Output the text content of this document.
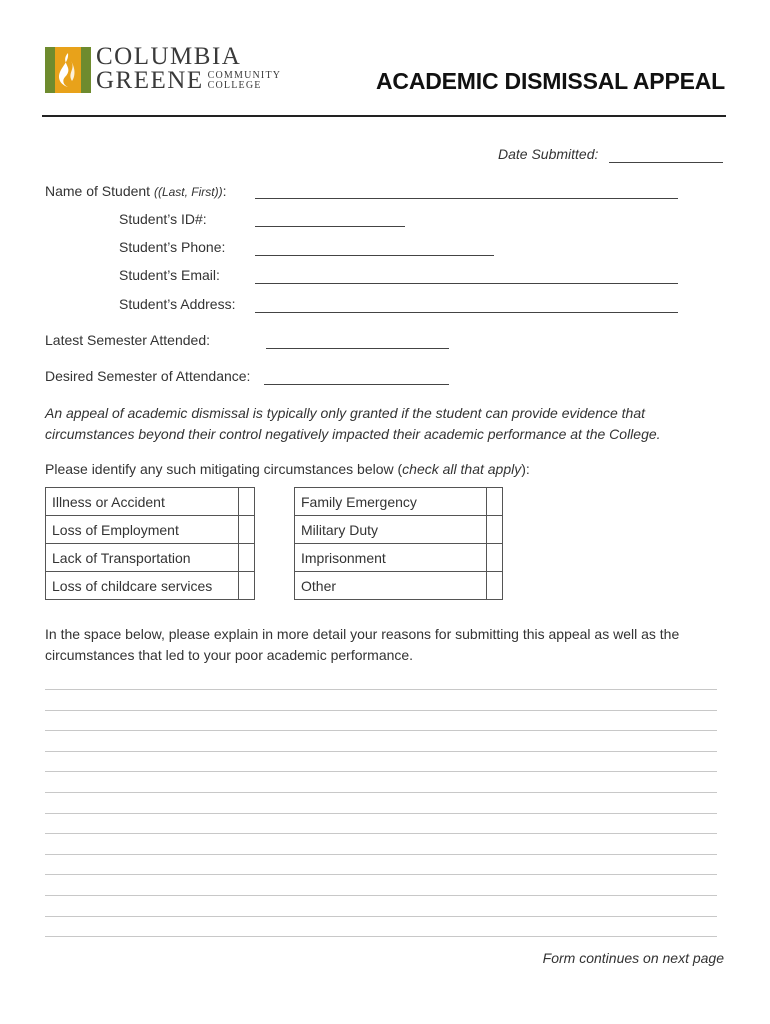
COLUMBIA
GREENE COMMUNITY
COLLEGE	ACADEMIC DISMISSAL APPEAL
Date Submitted:
Name of Student ((Last, First)):
Student’s ID#:
Student’s Phone:
Student’s Email:
Student’s Address:
Latest Semester Attended:
Desired Semester of Attendance:
An appeal of academic dismissal is typically only granted if the student can provide evidence that circumstances beyond their control negatively impacted their academic performance at the College.
Please identify any such mitigating circumstances below (check all that apply):
Illness or Accident	
Loss of Employment	
Lack of Transportation	
Loss of childcare services	
Family Emergency	
Military Duty	
Imprisonment	
Other	
In the space below, please explain in more detail your reasons for submitting this appeal as well as the circumstances that led to your poor academic performance.
Form continues on next page
